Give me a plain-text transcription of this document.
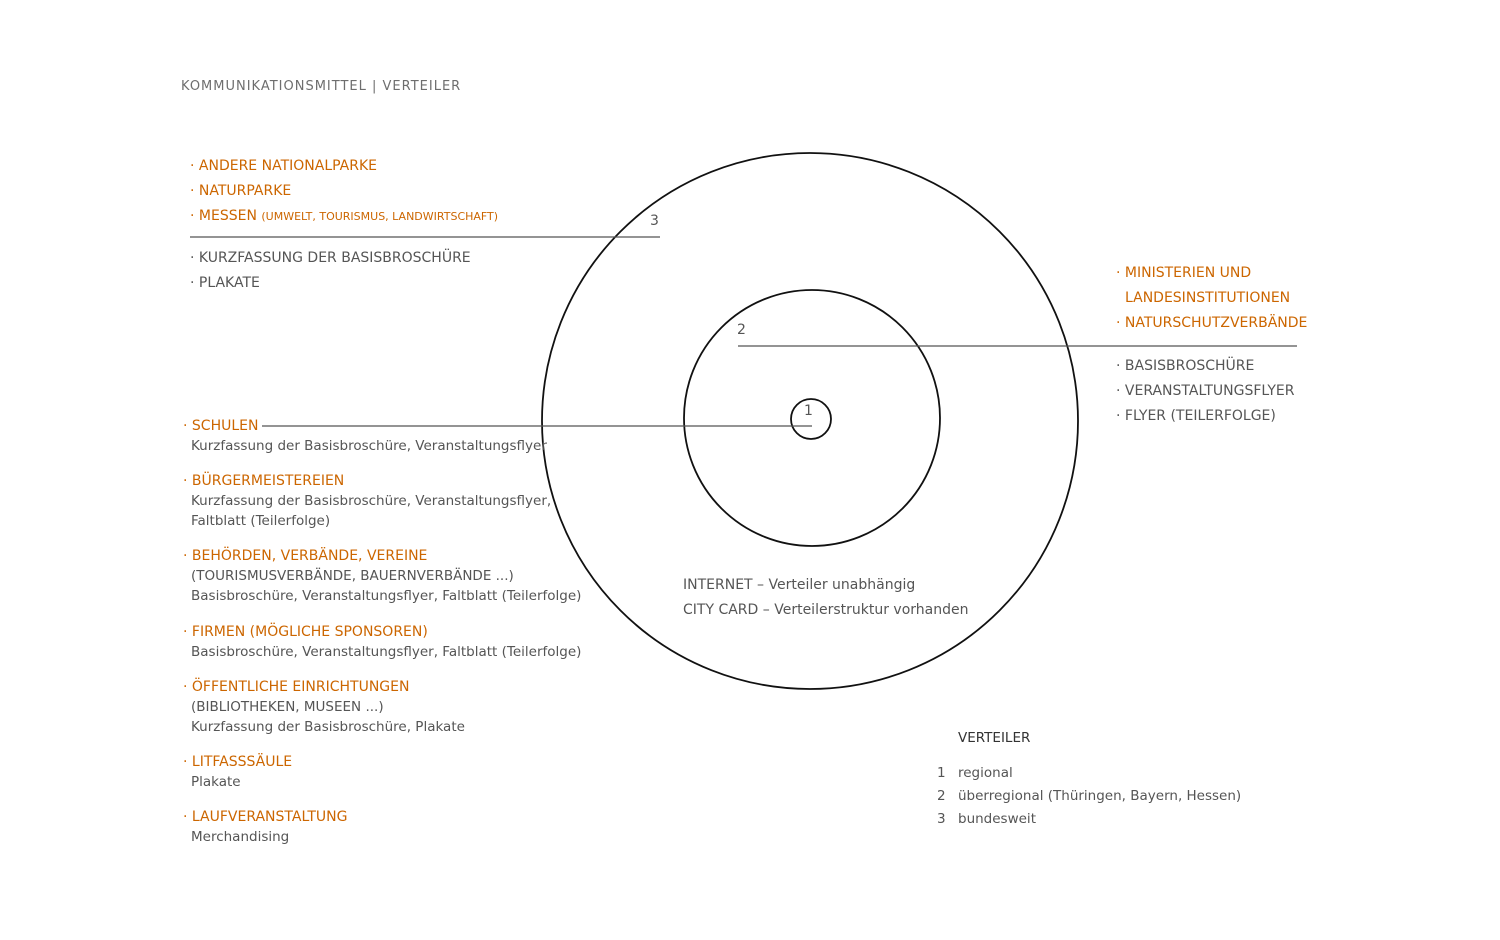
KOMMUNIKATIONSMITTEL | VERTEILER
3
2
1
· ANDERE NATIONALPARKE
· NATURPARKE
· MESSEN (UMWELT, TOURISMUS, LANDWIRTSCHAFT)
· KURZFASSUNG DER BASISBROSCHÜRE
· PLAKATE
· MINISTERIEN UND
LANDESINSTITUTIONEN
· NATURSCHUTZVERBÄNDE
· BASISBROSCHÜRE
· VERANSTALTUNGSFLYER
· FLYER (TEILERFOLGE)
· SCHULEN
Kurzfassung der Basisbroschüre, Veranstaltungsflyer
· BÜRGERMEISTEREIEN
Kurzfassung der Basisbroschüre, Veranstaltungsflyer,
Faltblatt (Teilerfolge)
· BEHÖRDEN, VERBÄNDE, VEREINE
(TOURISMUSVERBÄNDE, BAUERNVERBÄNDE ...)
Basisbroschüre, Veranstaltungsflyer, Faltblatt (Teilerfolge)
· FIRMEN (MÖGLICHE SPONSOREN)
Basisbroschüre, Veranstaltungsflyer, Faltblatt (Teilerfolge)
· ÖFFENTLICHE EINRICHTUNGEN
(BIBLIOTHEKEN, MUSEEN ...)
Kurzfassung der Basisbroschüre, Plakate
· LITFASSSÄULE
Plakate
· LAUFVERANSTALTUNG
Merchandising
INTERNET – Verteiler unabhängig
CITY CARD – Verteilerstruktur vorhanden
VERTEILER
1 regional
2 überregional (Thüringen, Bayern, Hessen)
3 bundesweit
